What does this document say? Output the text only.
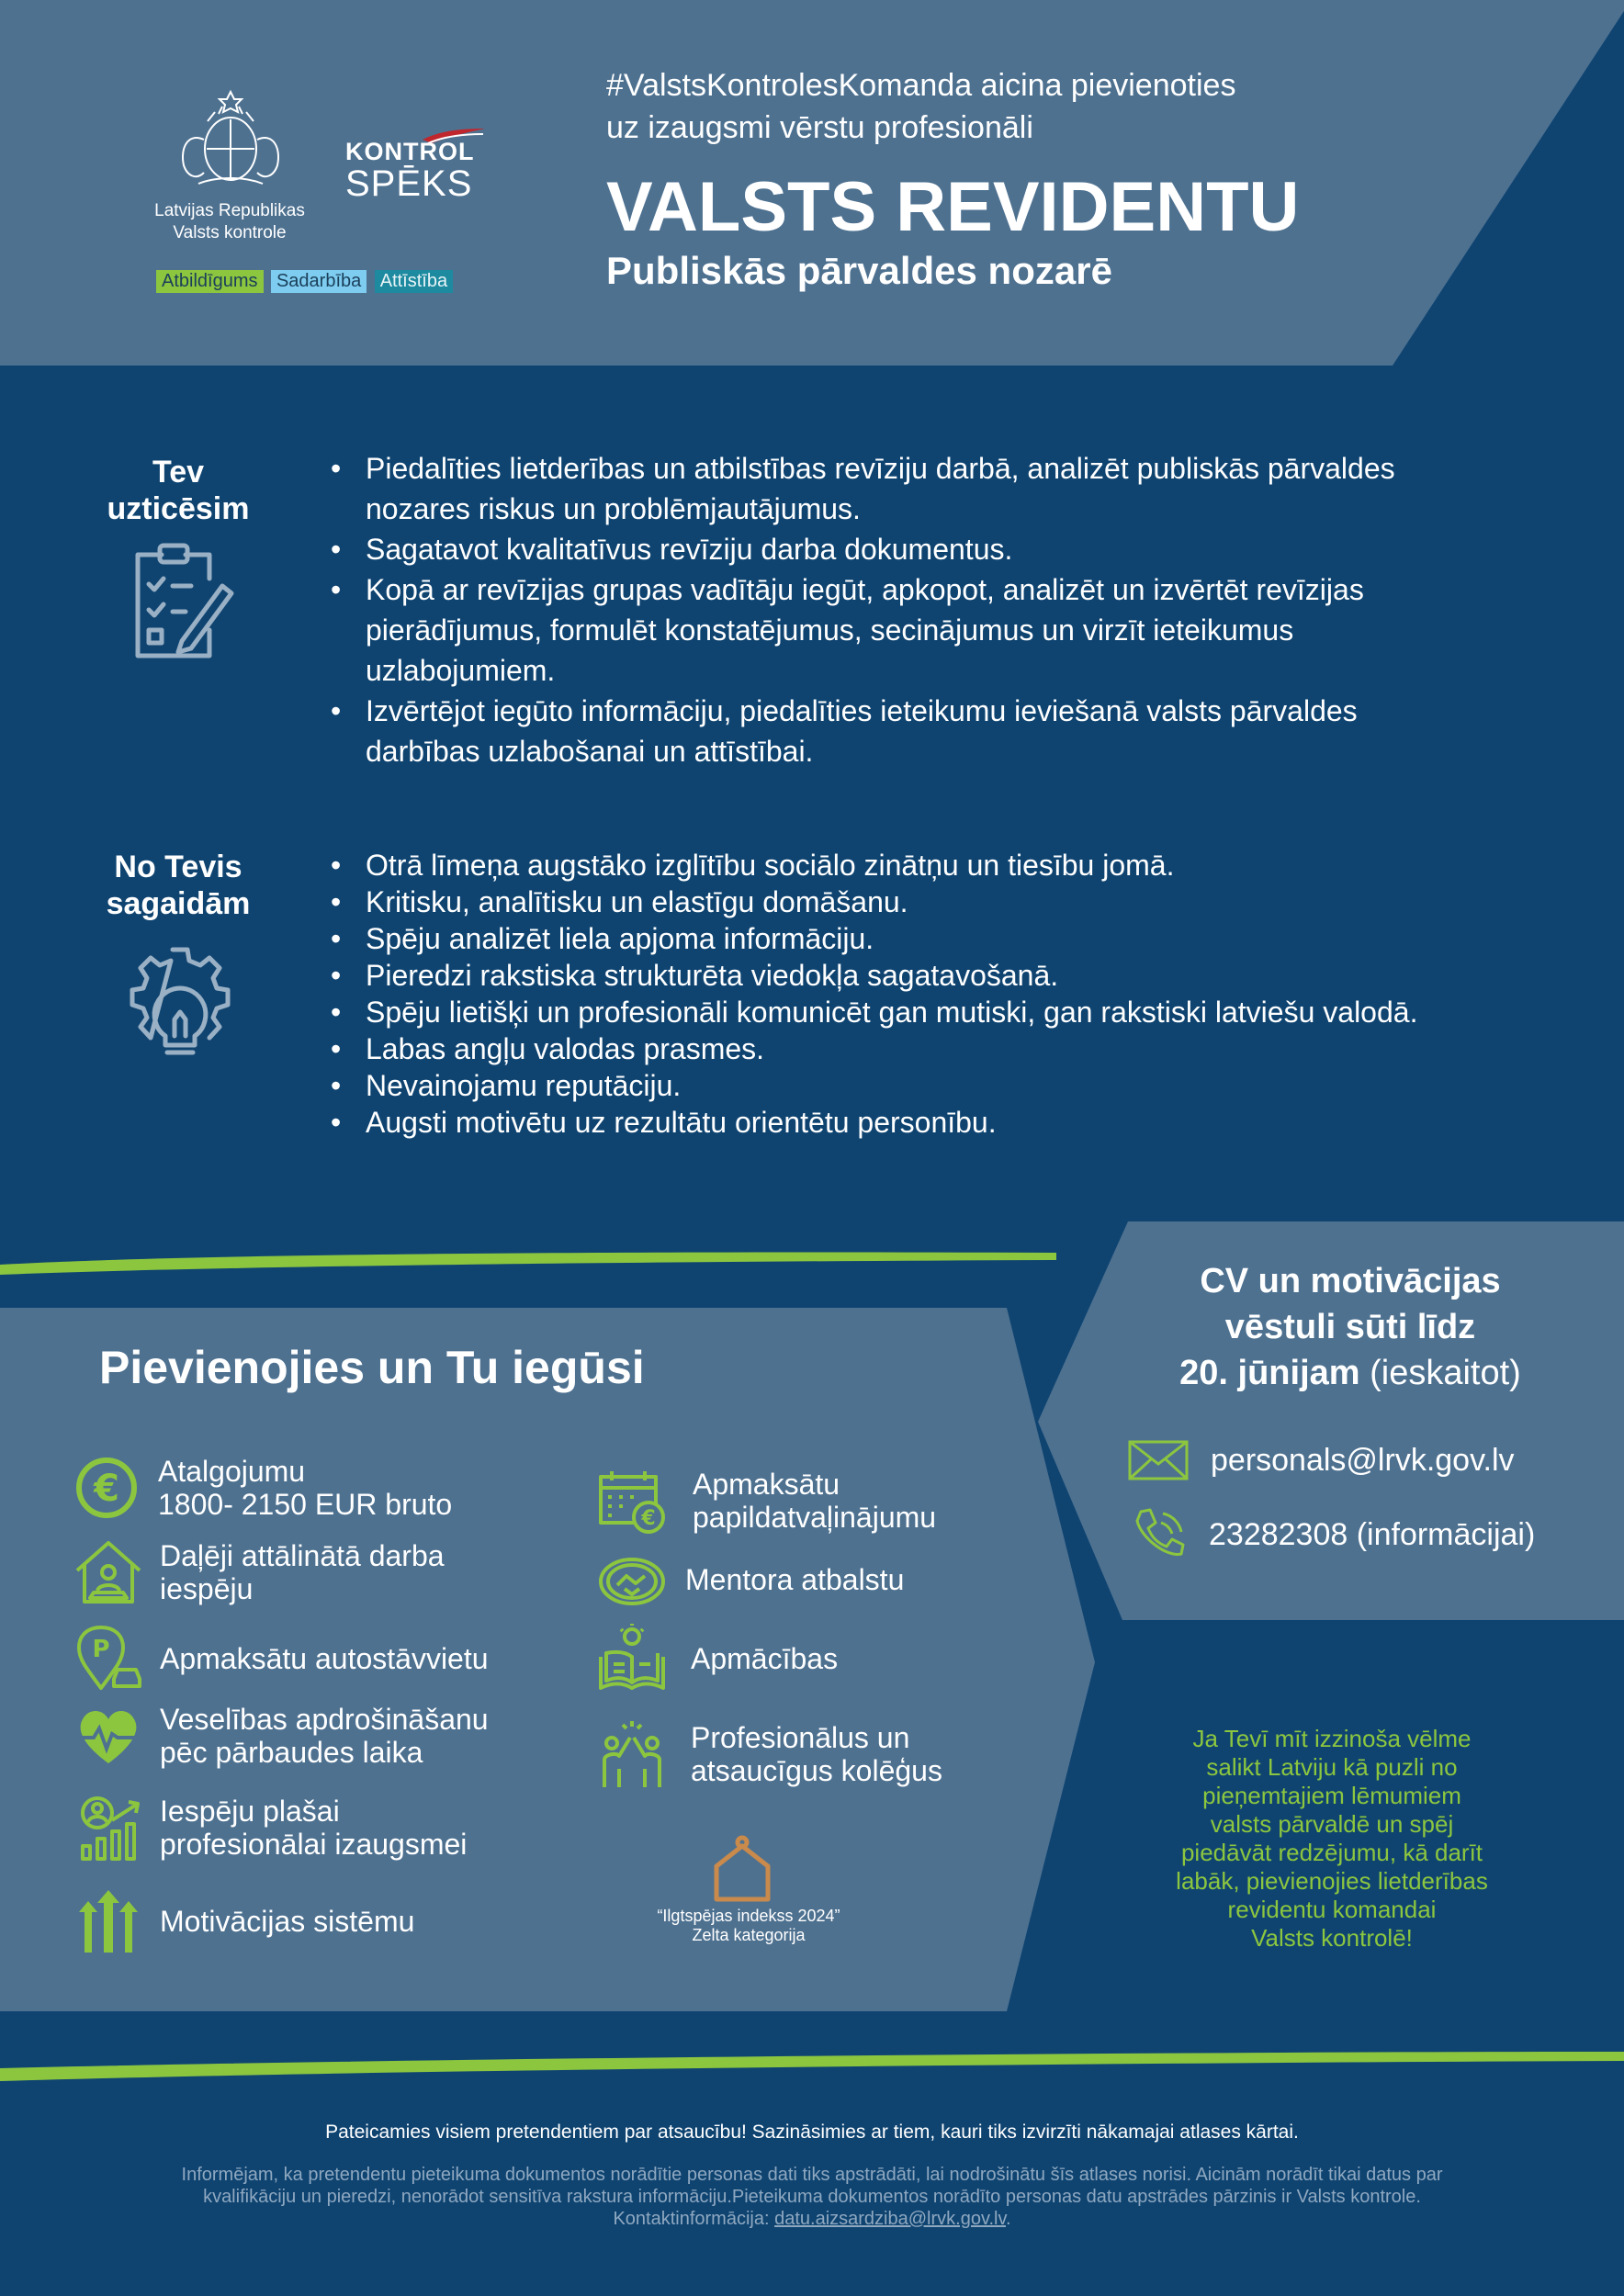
Latvijas Republikas
Valsts kontrole
KONTROL
SPĒKS
Atbildīgums Sadarbība Attīstība
#ValstsKontrolesKomanda aicina pievienoties
uz izaugsmi vērstu profesionāli
VALSTS REVIDENTU
Publiskās pārvaldes nozarē
Tev
uzticēsim
• Piedalīties lietderības un atbilstības revīziju darbā, analizēt publiskās pārvaldes nozares riskus un problēmjautājumus.
• Sagatavot kvalitatīvus revīziju darba dokumentus.
• Kopā ar revīzijas grupas vadītāju iegūt, apkopot, analizēt un izvērtēt revīzijas pierādījumus, formulēt konstatējumus, secinājumus un virzīt ieteikumus uzlabojumiem.
• Izvērtējot iegūto informāciju, piedalīties ieteikumu ieviešanā valsts pārvaldes darbības uzlabošanai un attīstībai.
No Tevis
sagaidām
• Otrā līmeņa augstāko izglītību sociālo zinātņu un tiesību jomā.
• Kritisku, analītisku un elastīgu domāšanu.
• Spēju analizēt liela apjoma informāciju.
• Pieredzi rakstiska strukturēta viedokļa sagatavošanā.
• Spēju lietišķi un profesionāli komunicēt gan mutiski, gan rakstiski latviešu valodā.
• Labas angļu valodas prasmes.
• Nevainojamu reputāciju.
• Augsti motivētu uz rezultātu orientētu personību.
Pievienojies un Tu iegūsi
€ Atalgojumu
1800- 2150 EUR bruto
Daļēji attālinātā darba
iespēju
P Apmaksātu autostāvvietu
Veselības apdrošināšanu
pēc pārbaudes laika
Iespēju plašai
profesionālai izaugsmei
Motivācijas sistēmu
€
Apmaksātu
papildatvaļinājumu
Mentora atbalstu
Apmācības
Profesionālus un
atsaucīgus kolēģus
“Ilgtspējas indekss 2024”
Zelta kategorija
CV un motivācijas
vēstuli sūti līdz
20. jūnijam (ieskaitot)
personals@lrvk.gov.lv
23282308 (informācijai)
Ja Tevī mīt izzinoša vēlme
salikt Latviju kā puzli no
pieņemtajiem lēmumiem
valsts pārvaldē un spēj
piedāvāt redzējumu, kā darīt
labāk, pievienojies lietderības
revidentu komandai
Valsts kontrolē!
Pateicamies visiem pretendentiem par atsaucību! Sazināsimies ar tiem, kauri tiks izvirzīti nākamajai atlases kārtai.
Informējam, ka pretendentu pieteikuma dokumentos norādītie personas dati tiks apstrādāti, lai nodrošinātu šīs atlases norisi. Aicinām norādīt tikai datus par
kvalifikāciju un pieredzi, nenorādot sensitīva rakstura informāciju.Pieteikuma dokumentos norādīto personas datu apstrādes pārzinis ir Valsts kontrole.
Kontaktinformācija: datu.aizsardziba@lrvk.gov.lv.
